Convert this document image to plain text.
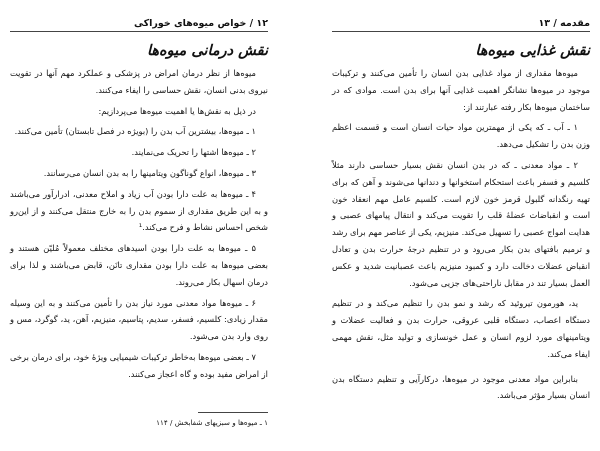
۱۲ / خواص میوه‌های خوراکی
نقش درمانی میوه‌ها

میوه‌ها از نظر درمان امراض در پزشکی و عملکرد مهم آنها در تقویت نیروی بدنی انسان، نقش حساسی را ایفاء می‌کنند.

در ذیل به نقش‌ها یا اهمیت میوه‌ها می‌پردازیم:

۱ ـ میوه‌ها، بیشترین آب بدن را (بویژه در فصل تابستان) تأمین می‌کنند.

۲ ـ میوه‌ها اشتها را تحریک می‌نمایند.

۳ ـ میوه‌ها، انواع گوناگون ویتامینها را به بدن انسان می‌رسانند.

۴ ـ میوه‌ها به علت دارا بودن آب زیاد و املاح معدنی، ادرارآور می‌باشند و به این طریق مقداری از سموم بدن را به خارج منتقل می‌کنند و از این‌رو شخص احساس نشاط و فرح می‌کند.¹

۵ ـ میوه‌ها به علت دارا بودن اسیدهای مختلف معمولاً مُلیّن هستند و بعضی میوه‌ها به علت دارا بودن مقداری تانَن، قابض می‌باشند و لذا برای درمان اسهال بکار می‌روند.

۶ ـ میوه‌ها مواد معدنی مورد نیاز بدن را تأمین می‌کنند و به این وسیله مقدار زیادی: کلسیم، فسفر، سدیم، پتاسیم، منیزیم، آهن، ید، گوگرد، مس و روی وارد بدن می‌شود.

۷ ـ بعضی میوه‌ها به‌خاطر ترکیبات شیمیایی ویژهٔ خود، برای درمان برخی از امراض مفید بوده و گاه اعجاز می‌کنند.

۱ ـ میوه‌ها و سبزیهای شفابخش / ۱۱۴
مقدمه / ۱۳
نقش غذایی میوه‌ها

میوه‌ها مقداری از مواد غذایی بدن انسان را تأمین می‌کنند و ترکیبات موجود در میوه‌ها نشانگر اهمیت غذایی آنها برای بدن است. موادی که در ساختمان میوه‌ها بکار رفته عبارتند از:

۱ ـ آب ـ که یکی از مهمترین مواد حیات انسان است و قسمت اعظم وزن بدن را تشکیل می‌دهد.

۲ ـ مواد معدنی ـ که در بدن انسان نقش بسیار حساسی دارند مثلاً کلسیم و فسفر باعث استحکام استخوانها و دندانها می‌شوند و آهن که برای تهیه رنگدانه گلبول قرمز خون لازم است. کلسیم عامل مهم انعقاد خون است و انقباضات عضلهٔ قلب را تقویت می‌کند و انتقال پیامهای عصبی و هدایت امواج عصبی را تسهیل می‌کند. منیزیم، یکی از عناصر مهم برای رشد و ترمیم بافتهای بدن بکار می‌رود و در تنظیم درجهٔ حرارت بدن و تعادل انقباض عضلات دخالت دارد و کمبود منیزیم باعث عصبانیت شدید و عکس العمل بسیار تند در مقابل ناراحتی‌های جزیی می‌شود.

ید، هورمون تیروئید که رشد و نمو بدن را تنظیم می‌کند و در تنظیم دستگاه اعصاب، دستگاه قلبی عروقی، حرارت بدن و فعالیت عضلات و ویتامینهای مورد لزوم انسان و عمل خونسازی و تولید مثل، نقش مهمی ایفاء می‌کند.

بنابراین مواد معدنی موجود در میوه‌ها، درکارآیی و تنظیم دستگاه بدن انسان بسیار مؤثر می‌باشد.
